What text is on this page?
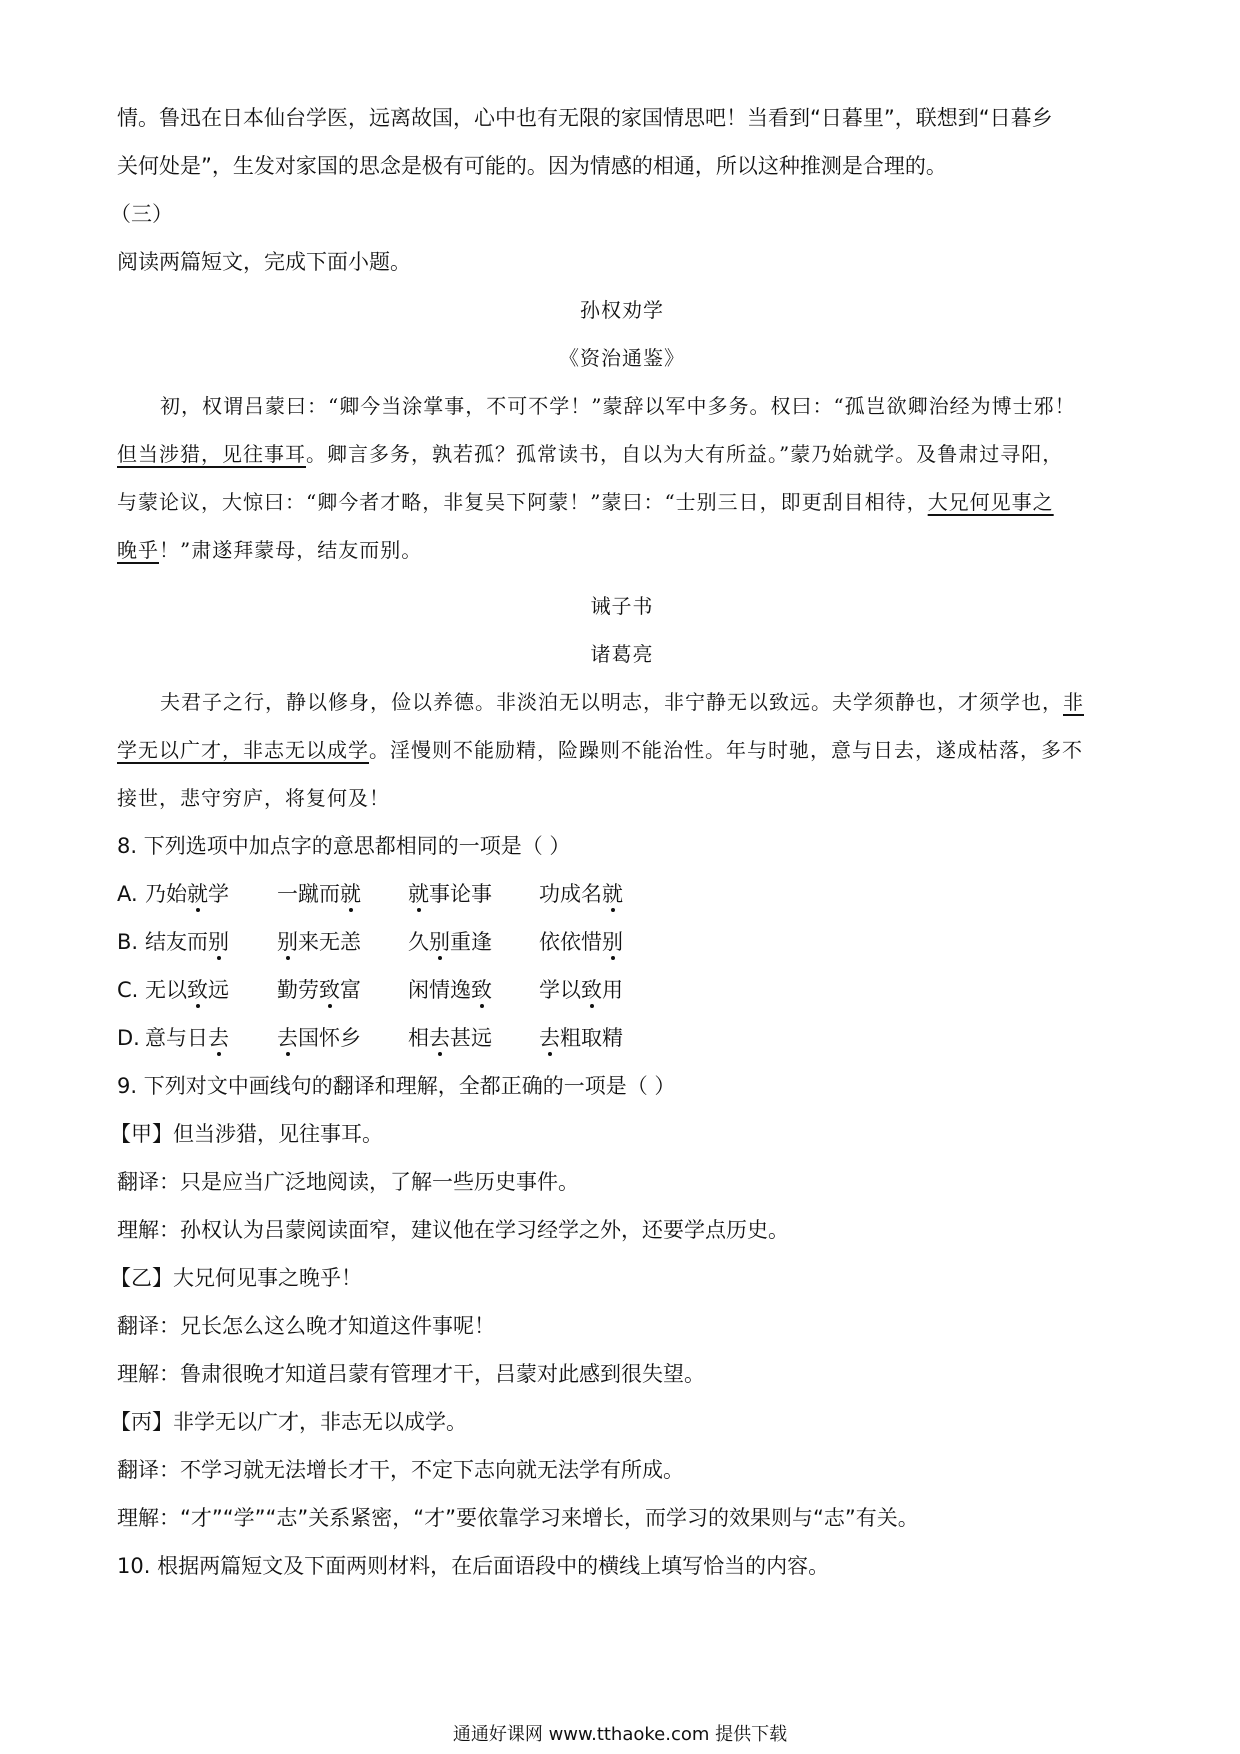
情。鲁迅在日本仙台学医，远离故国，心中也有无限的家国情思吧！当看到“日暮里”，联想到“日暮乡
关何处是”，生发对家国的思念是极有可能的。因为情感的相通，所以这种推测是合理的。
（三）
阅读两篇短文，完成下面小题。
孙权劝学
《资治通鉴》
初，权谓吕蒙曰：“卿今当涂掌事，不可不学！”蒙辞以军中多务。权曰：“孤岂欲卿治经为博士邪！
但当涉猎，见往事耳。卿言多务，孰若孤？孤常读书，自以为大有所益。”蒙乃始就学。及鲁肃过寻阳，
与蒙论议，大惊曰：“卿今者才略，非复吴下阿蒙！”蒙曰：“士别三日，即更刮目相待，大兄何见事之
晚乎！”肃遂拜蒙母，结友而别。
诫子书
诸葛亮
夫君子之行，静以修身，俭以养德。非淡泊无以明志，非宁静无以致远。夫学须静也，才须学也，非
学无以广才，非志无以成学。淫慢则不能励精，险躁则不能治性。年与时驰，意与日去，遂成枯落，多不
接世，悲守穷庐，将复何及！
8. 下列选项中加点字的意思都相同的一项是（ ）
A. 乃始就学 一蹴而就 就事论事 功成名就
B. 结友而别 别来无恙 久别重逢 依依惜别
C. 无以致远 勤劳致富 闲情逸致 学以致用
D. 意与日去 去国怀乡 相去甚远 去粗取精
9. 下列对文中画线句的翻译和理解，全都正确的一项是（ ）
【甲】但当涉猎，见往事耳。
翻译：只是应当广泛地阅读，了解一些历史事件。
理解：孙权认为吕蒙阅读面窄，建议他在学习经学之外，还要学点历史。
【乙】大兄何见事之晚乎！
翻译：兄长怎么这么晚才知道这件事呢！
理解：鲁肃很晚才知道吕蒙有管理才干，吕蒙对此感到很失望。
【丙】非学无以广才，非志无以成学。
翻译：不学习就无法增长才干，不定下志向就无法学有所成。
理解：“才”“学”“志”关系紧密，“才”要依靠学习来增长，而学习的效果则与“志”有关。
10. 根据两篇短文及下面两则材料，在后面语段中的横线上填写恰当的内容。
通通好课网 www.tthaoke.com 提供下载
